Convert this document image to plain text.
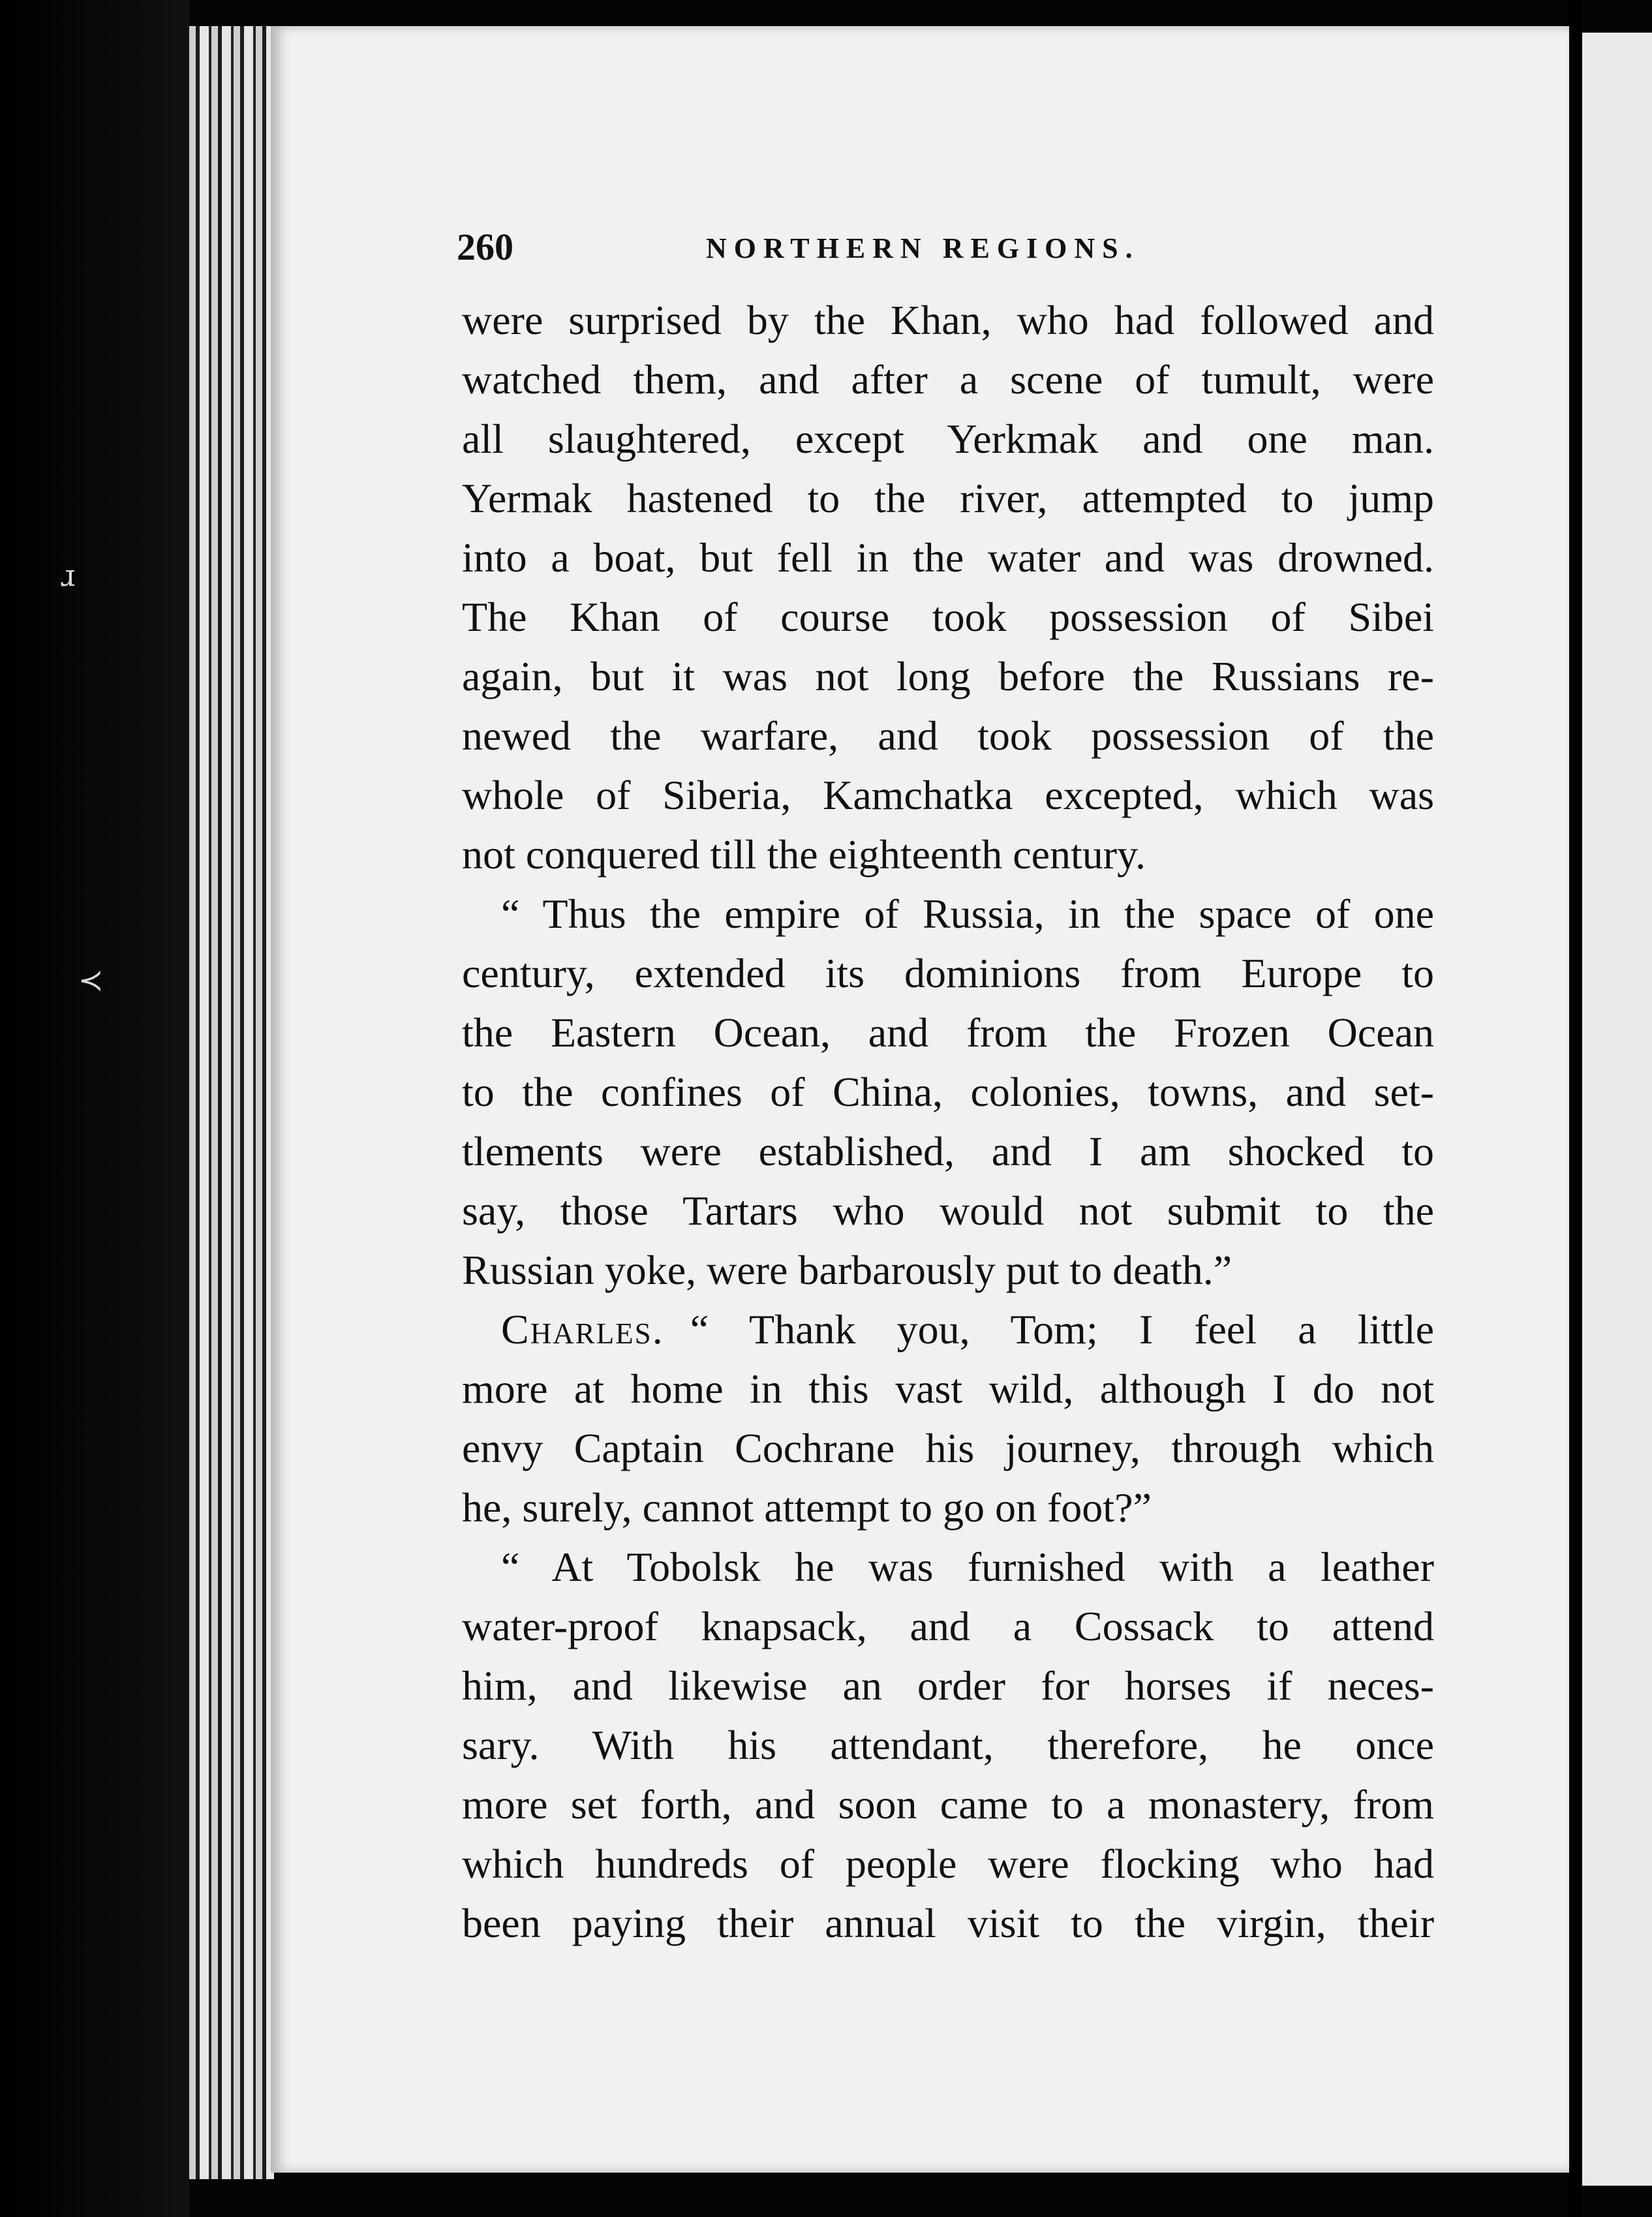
ɹ
≺
260	NORTHERN REGIONS.
were surprised by the Khan, who had followed and
watched them, and after a scene of tumult, were
all slaughtered, except Yerkmak and one man.
Yermak hastened to the river, attempted to jump
into a boat, but fell in the water and was drowned.
The Khan of course took possession of Sibei
again, but it was not long before the Russians re-
newed the warfare, and took possession of the
whole of Siberia, Kamchatka excepted, which was
not conquered till the eighteenth century.
“ Thus the empire of Russia, in the space of one
century, extended its dominions from Europe to
the Eastern Ocean, and from the Frozen Ocean
to the confines of China, colonies, towns, and set-
tlements were established, and I am shocked to
say, those Tartars who would not submit to the
Russian yoke, were barbarously put to death.”
Charles. “ Thank you, Tom; I feel a little
more at home in this vast wild, although I do not
envy Captain Cochrane his journey, through which
he, surely, cannot attempt to go on foot?”
“ At Tobolsk he was furnished with a leather
water-proof knapsack, and a Cossack to attend
him, and likewise an order for horses if neces-
sary. With his attendant, therefore, he once
more set forth, and soon came to a monastery, from
which hundreds of people were flocking who had
been paying their annual visit to the virgin, their
